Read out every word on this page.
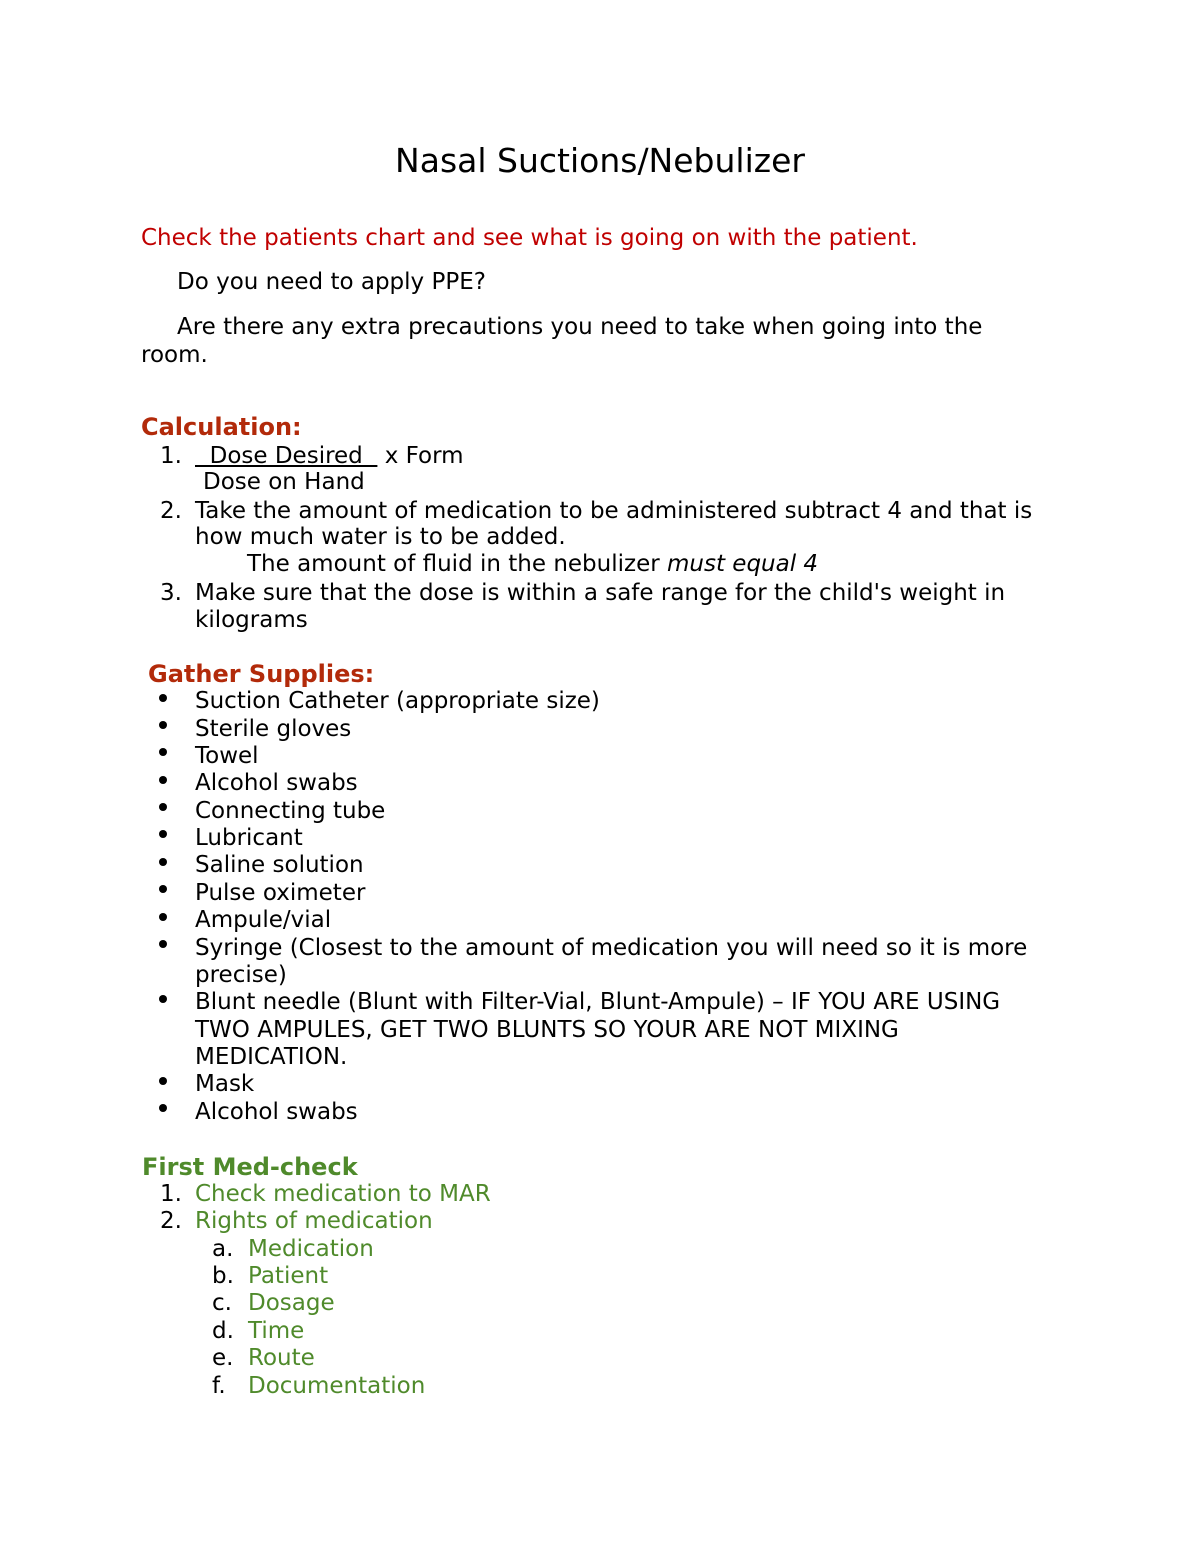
Nasal Suctions/Nebulizer
Check the patients chart and see what is going on with the patient.
Do you need to apply PPE?
Are there any extra precautions you need to take when going into the
room.
Calculation:
1. Dose Desired   x Form
Dose on Hand
2. Take the amount of medication to be administered subtract 4 and that is
how much water is to be added.
The amount of fluid in the nebulizer must equal 4
3. Make sure that the dose is within a safe range for the child's weight in
kilograms
Gather Supplies:
Suction Catheter (appropriate size)
Sterile gloves
Towel
Alcohol swabs
Connecting tube
Lubricant
Saline solution
Pulse oximeter
Ampule/vial
Syringe (Closest to the amount of medication you will need so it is more
precise)
Blunt needle (Blunt with Filter-Vial, Blunt-Ampule) – IF YOU ARE USING
TWO AMPULES, GET TWO BLUNTS SO YOUR ARE NOT MIXING
MEDICATION.
Mask
Alcohol swabs
First Med-check
1. Check medication to MAR
2. Rights of medication
a. Medication
b. Patient
c. Dosage
d. Time
e. Route
f. Documentation
